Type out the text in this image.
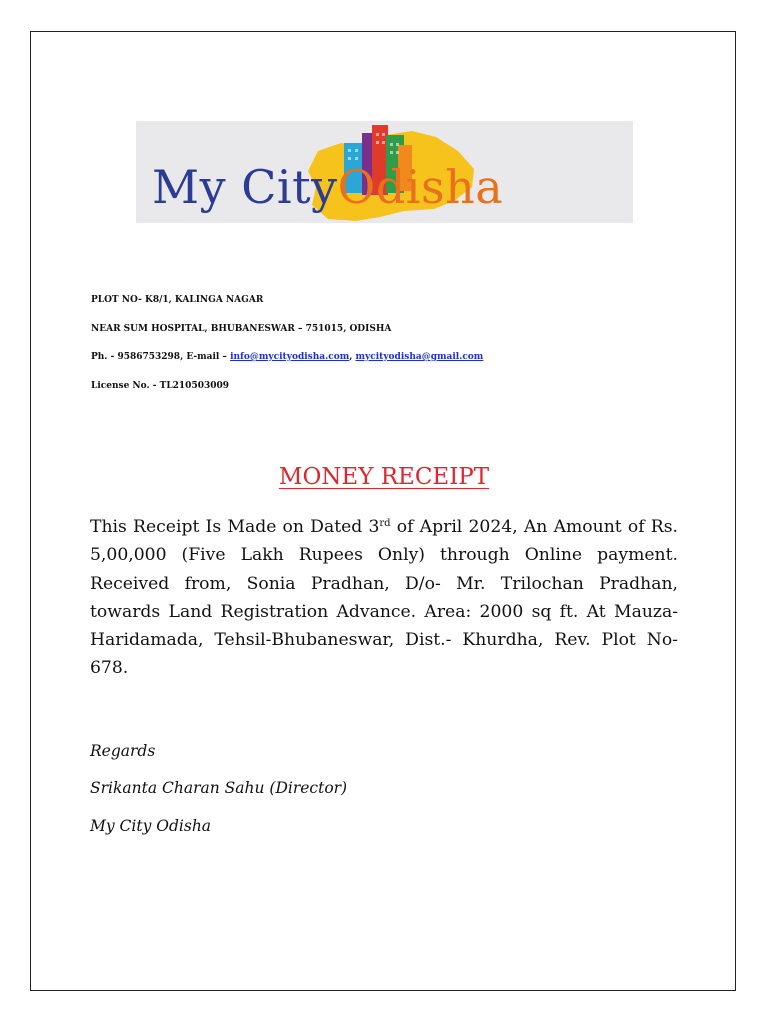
My CityOdisha
PLOT NO- K8/1, KALINGA NAGAR
NEAR SUM HOSPITAL, BHUBANESWAR – 751015, ODISHA
Ph. - 9586753298, E-mail – info@mycityodisha.com, mycityodisha@gmail.com
License No. - TL210503009
MONEY RECEIPT
This Receipt Is Made on Dated 3rd of April 2024, An Amount of Rs. 5,00,000 (Five Lakh Rupees Only) through Online payment. Received from, Sonia Pradhan, D/o- Mr. Trilochan Pradhan, towards Land Registration Advance. Area: 2000 sq ft. At Mauza- Haridamada, Tehsil-Bhubaneswar, Dist.- Khurdha, Rev. Plot No-678.
Regards
Srikanta Charan Sahu (Director)
My City Odisha
